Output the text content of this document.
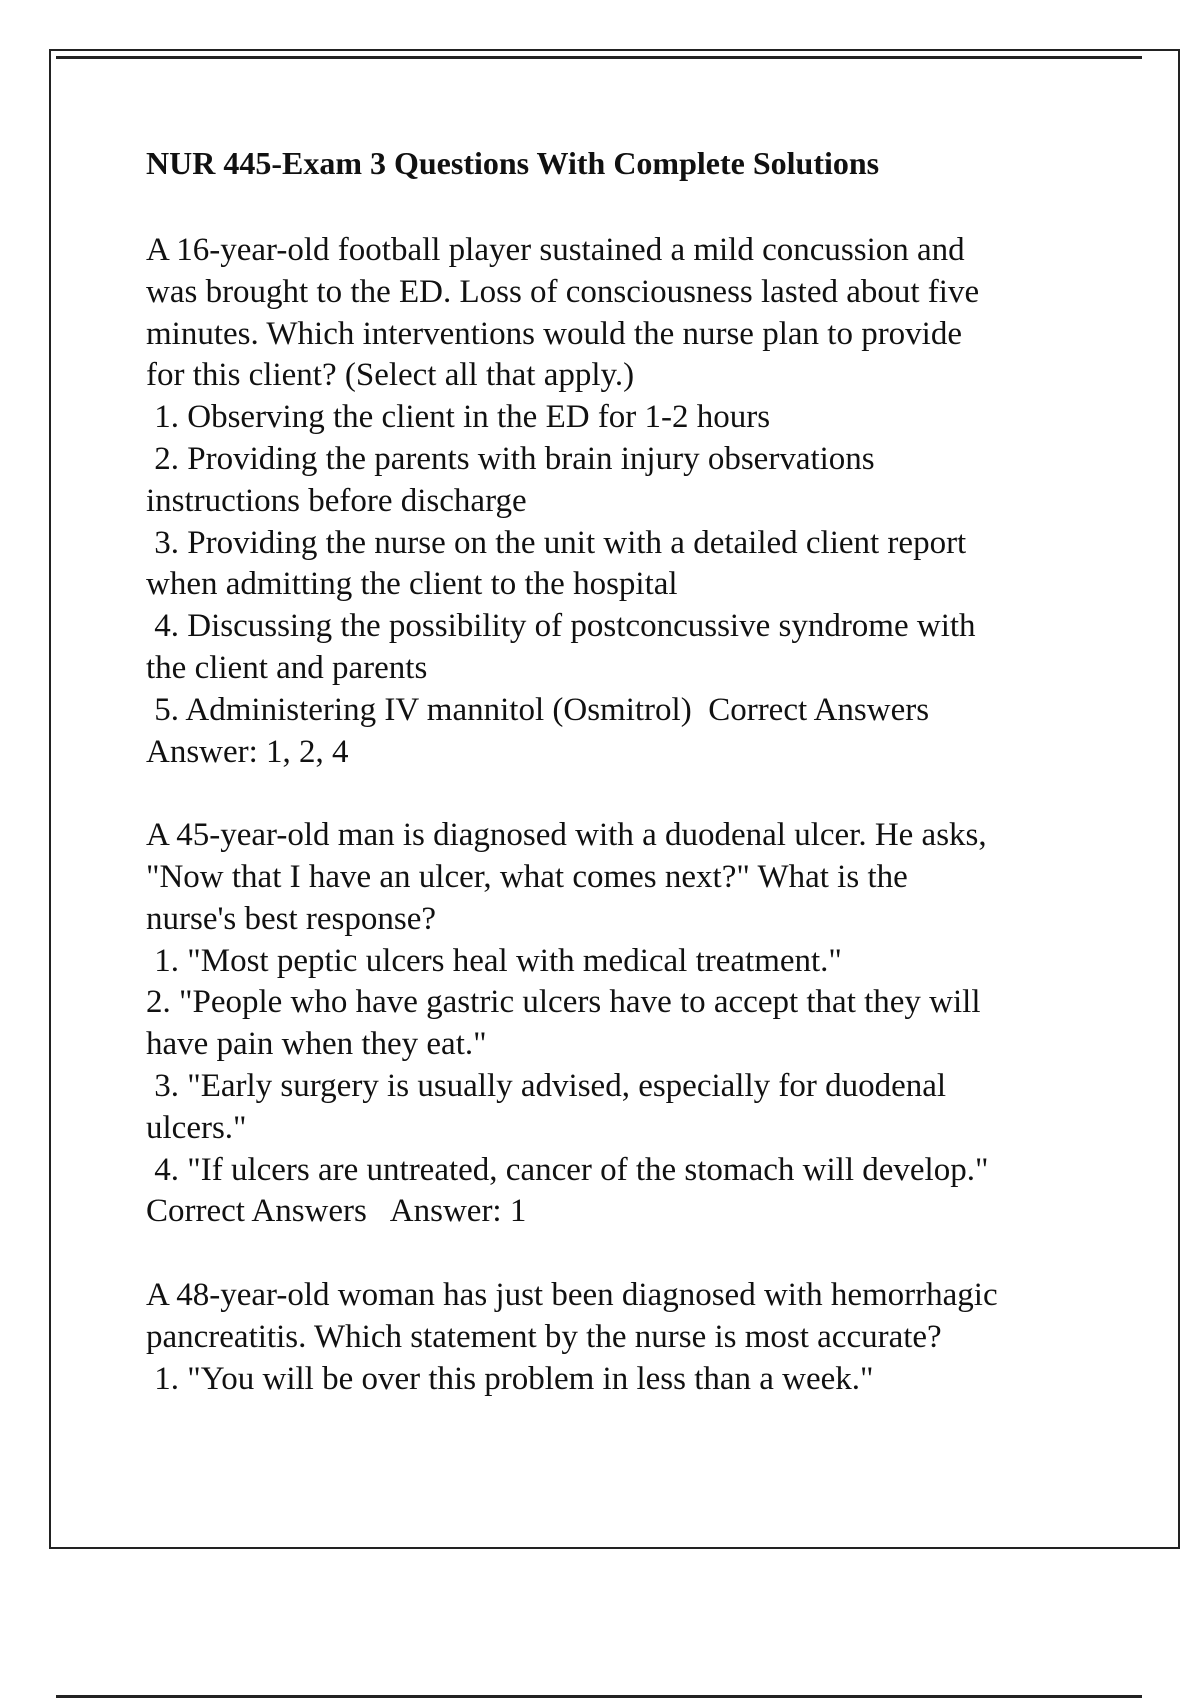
NUR 445-Exam 3 Questions With Complete Solutions
A 16-year-old football player sustained a mild concussion and
was brought to the ED. Loss of consciousness lasted about five
minutes. Which interventions would the nurse plan to provide
for this client? (Select all that apply.)
1. Observing the client in the ED for 1-2 hours
2. Providing the parents with brain injury observations
instructions before discharge
3. Providing the nurse on the unit with a detailed client report
when admitting the client to the hospital
4. Discussing the possibility of postconcussive syndrome with
the client and parents
5. Administering IV mannitol (Osmitrol)  Correct Answers
Answer: 1, 2, 4
A 45-year-old man is diagnosed with a duodenal ulcer. He asks,
"Now that I have an ulcer, what comes next?" What is the
nurse's best response?
1. "Most peptic ulcers heal with medical treatment."
2. "People who have gastric ulcers have to accept that they will
have pain when they eat."
3. "Early surgery is usually advised, especially for duodenal
ulcers."
4. "If ulcers are untreated, cancer of the stomach will develop."
Correct Answers   Answer: 1
A 48-year-old woman has just been diagnosed with hemorrhagic
pancreatitis. Which statement by the nurse is most accurate?
1. "You will be over this problem in less than a week."
